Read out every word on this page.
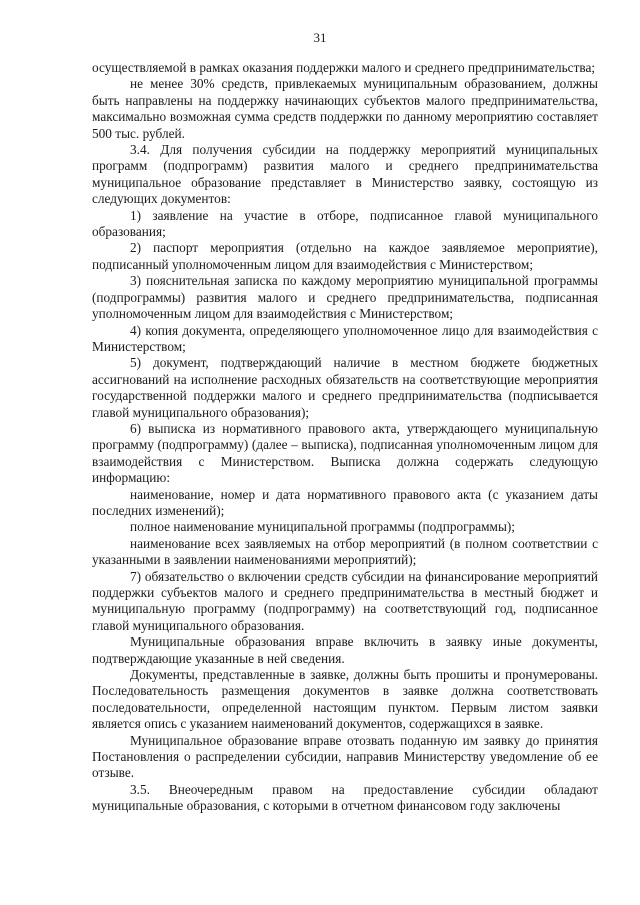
31

осуществляемой в рамках оказания поддержки малого и среднего предпринимательства;

не менее 30% средств, привлекаемых муниципальным образованием, должны быть направлены на поддержку начинающих субъектов малого предпринимательства, максимально возможная сумма средств поддержки по данному мероприятию составляет 500 тыс. рублей.

3.4. Для получения субсидии на поддержку мероприятий муниципальных программ (подпрограмм) развития малого и среднего предпринимательства муниципальное образование представляет в Министерство заявку, состоящую из следующих документов:

1) заявление на участие в отборе, подписанное главой муниципального образования;

2) паспорт мероприятия (отдельно на каждое заявляемое мероприятие), подписанный уполномоченным лицом для взаимодействия с Министерством;

3) пояснительная записка по каждому мероприятию муниципальной программы (подпрограммы) развития малого и среднего предпринимательства, подписанная уполномоченным лицом для взаимодействия с Министерством;

4) копия документа, определяющего уполномоченное лицо для взаимодействия с Министерством;

5) документ, подтверждающий наличие в местном бюджете бюджетных ассигнований на исполнение расходных обязательств на соответствующие мероприятия государственной поддержки малого и среднего предпринимательства (подписывается главой муниципального образования);

6) выписка из нормативного правового акта, утверждающего муниципальную программу (подпрограмму) (далее – выписка), подписанная уполномоченным лицом для взаимодействия с Министерством. Выписка должна содержать следующую информацию:

наименование, номер и дата нормативного правового акта (с указанием даты последних изменений);

полное наименование муниципальной программы (подпрограммы);

наименование всех заявляемых на отбор мероприятий (в полном соответствии с указанными в заявлении наименованиями мероприятий);

7) обязательство о включении средств субсидии на финансирование мероприятий поддержки субъектов малого и среднего предпринимательства в местный бюджет и муниципальную программу (подпрограмму) на соответствующий год, подписанное главой муниципального образования.

Муниципальные образования вправе включить в заявку иные документы, подтверждающие указанные в ней сведения.

Документы, представленные в заявке, должны быть прошиты и пронумерованы. Последовательность размещения документов в заявке должна соответствовать последовательности, определенной настоящим пунктом. Первым листом заявки является опись с указанием наименований документов, содержащихся в заявке.

Муниципальное образование вправе отозвать поданную им заявку до принятия Постановления о распределении субсидии, направив Министерству уведомление об ее отзыве.

3.5. Внеочередным правом на предоставление субсидии обладают муниципальные образования, с которыми в отчетном финансовом году заключены
